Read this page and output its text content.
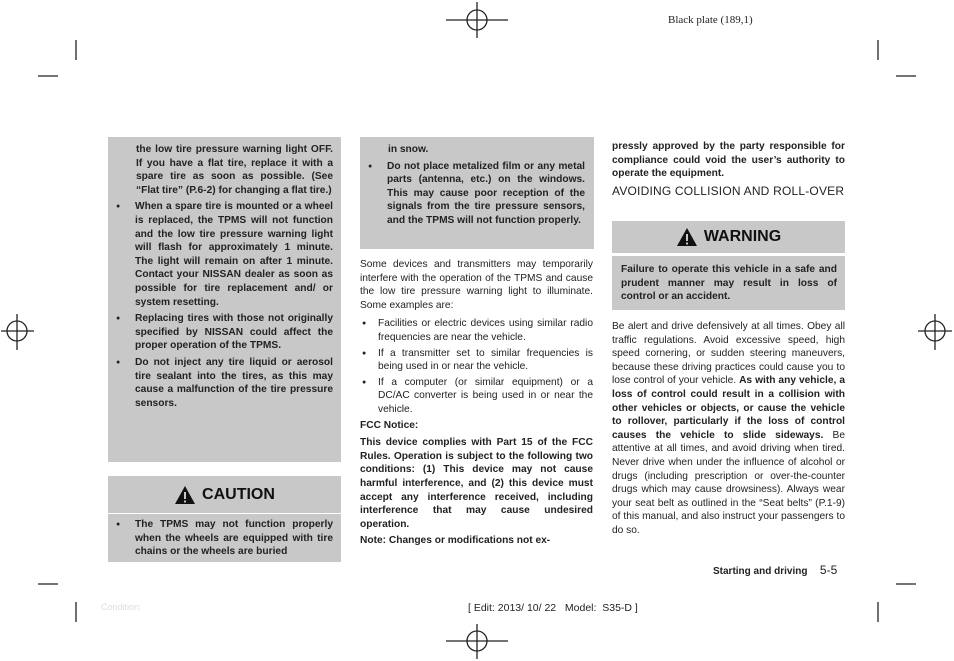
Black plate (189,1)
the low tire pressure warning light OFF. If you have a flat tire, replace it with a spare tire as soon as possible. (See “Flat tire” (P.6-2) for changing a flat tire.)
● When a spare tire is mounted or a wheel is replaced, the TPMS will not function and the low tire pressure warning light will flash for approximately 1 minute. The light will remain on after 1 minute. Contact your NISSAN dealer as soon as possible for tire replacement and/ or system resetting.
● Replacing tires with those not originally specified by NISSAN could affect the proper operation of the TPMS.
● Do not inject any tire liquid or aerosol tire sealant into the tires, as this may cause a malfunction of the tire pressure sensors.
CAUTION
● The TPMS may not function properly when the wheels are equipped with tire chains or the wheels are buried
in snow.
● Do not place metalized film or any metal parts (antenna, etc.) on the windows. This may cause poor reception of the signals from the tire pressure sensors, and the TPMS will not function properly.
Some devices and transmitters may temporarily interfere with the operation of the TPMS and cause the low tire pressure warning light to illuminate. Some examples are:
● Facilities or electric devices using similar radio frequencies are near the vehicle.
● If a transmitter set to similar frequencies is being used in or near the vehicle.
● If a computer (or similar equipment) or a DC/AC converter is being used in or near the vehicle.
FCC Notice:
This device complies with Part 15 of the FCC Rules. Operation is subject to the following two conditions: (1) This device may not cause harmful interference, and (2) this device must accept any interference received, including interference that may cause undesired operation.
Note: Changes or modifications not ex-
pressly approved by the party responsible for compliance could void the user’s authority to operate the equipment.
AVOIDING COLLISION AND ROLL-OVER
WARNING
Failure to operate this vehicle in a safe and prudent manner may result in loss of control or an accident.
Be alert and drive defensively at all times. Obey all traffic regulations. Avoid excessive speed, high speed cornering, or sudden steering maneuvers, because these driving practices could cause you to lose control of your vehicle. As with any vehicle, a loss of control could result in a collision with other vehicles or objects, or cause the vehicle to rollover, particularly if the loss of control causes the vehicle to slide sideways. Be attentive at all times, and avoid driving when tired. Never drive when under the influence of alcohol or drugs (including prescription or over-the-counter drugs which may cause drowsiness). Always wear your seat belt as outlined in the “Seat belts” (P.1-9) of this manual, and also instruct your passengers to do so.
Starting and driving 5-5
Condition:	[ Edit: 2013/ 10/ 22   Model:  S35-D ]
